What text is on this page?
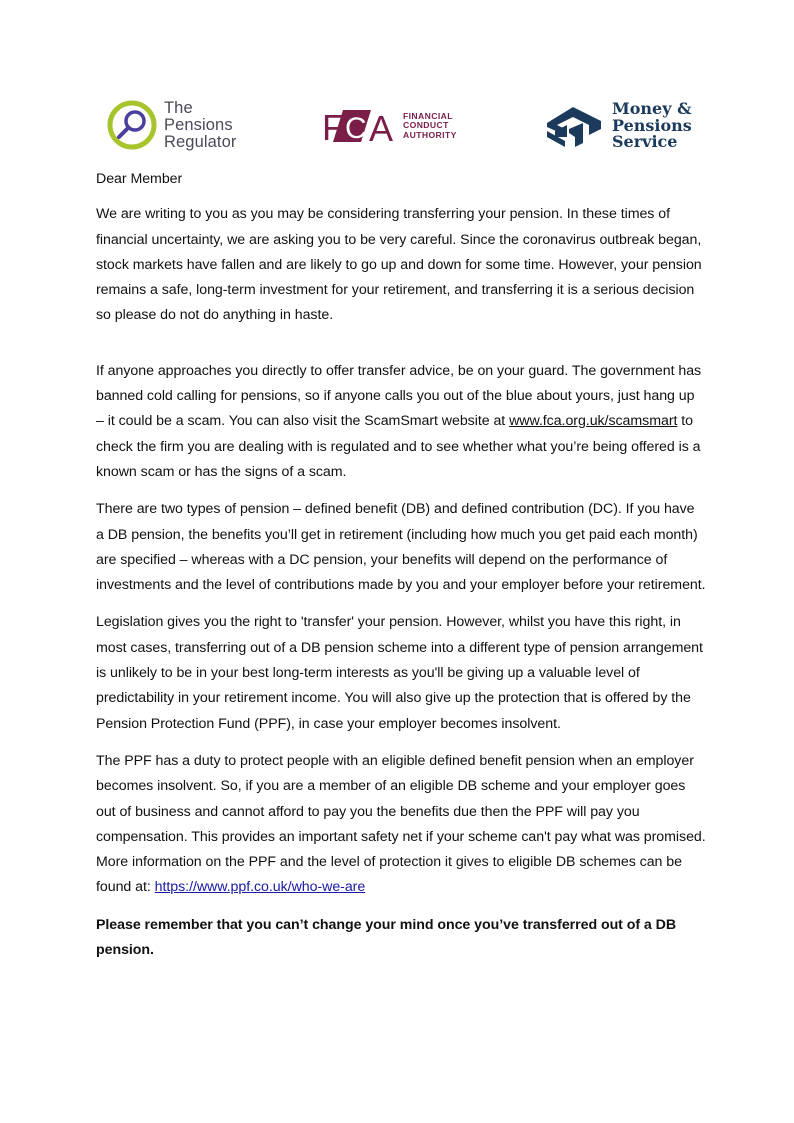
The
Pensions
Regulator F C A FINANCIAL
CONDUCT
AUTHORITY
Money &
Pensions
Service

Dear Member

We are writing to you as you may be considering transferring your pension. In these times of financial uncertainty, we are asking you to be very careful. Since the coronavirus outbreak began, stock markets have fallen and are likely to go up and down for some time. However, your pension remains a safe, long-term investment for your retirement, and transferring it is a serious decision so please do not do anything in haste.

If anyone approaches you directly to offer transfer advice, be on your guard. The government has banned cold calling for pensions, so if anyone calls you out of the blue about yours, just hang up – it could be a scam. You can also visit the ScamSmart website at www.fca.org.uk/scamsmart to check the firm you are dealing with is regulated and to see whether what you’re being offered is a known scam or has the signs of a scam.

There are two types of pension – defined benefit (DB) and defined contribution (DC). If you have a DB pension, the benefits you’ll get in retirement (including how much you get paid each month) are specified – whereas with a DC pension, your benefits will depend on the performance of investments and the level of contributions made by you and your employer before your retirement.

Legislation gives you the right to 'transfer' your pension. However, whilst you have this right, in most cases, transferring out of a DB pension scheme into a different type of pension arrangement is unlikely to be in your best long-term interests as you'll be giving up a valuable level of predictability in your retirement income. You will also give up the protection that is offered by the Pension Protection Fund (PPF), in case your employer becomes insolvent.

The PPF has a duty to protect people with an eligible defined benefit pension when an employer becomes insolvent. So, if you are a member of an eligible DB scheme and your employer goes out of business and cannot afford to pay you the benefits due then the PPF will pay you compensation. This provides an important safety net if your scheme can't pay what was promised. More information on the PPF and the level of protection it gives to eligible DB schemes can be found at: https://www.ppf.co.uk/who-we-are

Please remember that you can’t change your mind once you’ve transferred out of a DB pension.
